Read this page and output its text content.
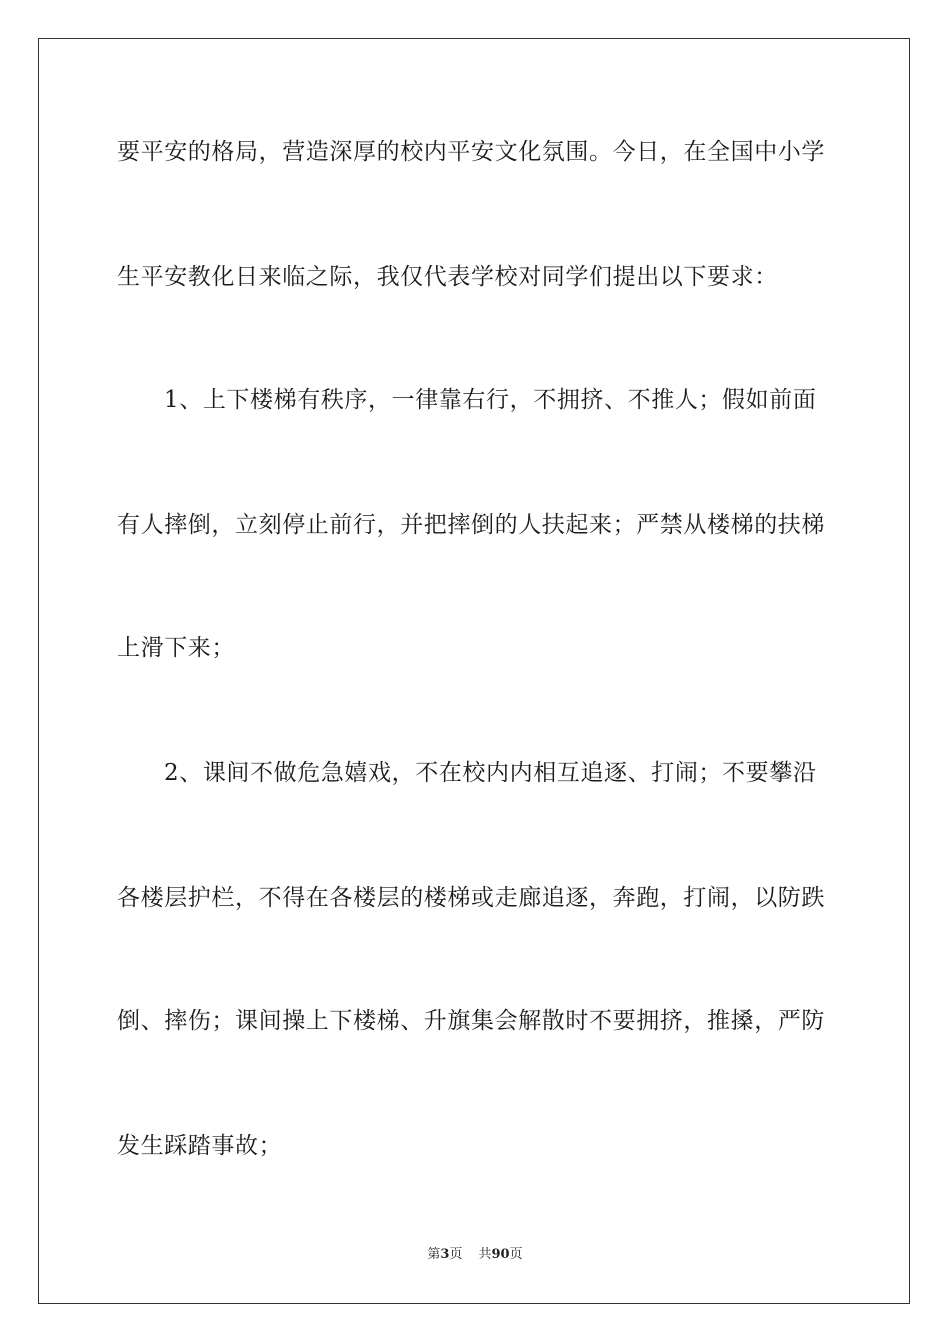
要平安的格局，营造深厚的校内平安文化氛围。今日，在全国中小学
生平安教化日来临之际，我仅代表学校对同学们提出以下要求：
1、上下楼梯有秩序，一律靠右行，不拥挤、不推人；假如前面
有人摔倒，立刻停止前行，并把摔倒的人扶起来；严禁从楼梯的扶梯
上滑下来；
2、课间不做危急嬉戏，不在校内内相互追逐、打闹；不要攀沿
各楼层护栏，不得在各楼层的楼梯或走廊追逐，奔跑，打闹，以防跌
倒、摔伤；课间操上下楼梯、升旗集会解散时不要拥挤，推搡，严防
发生踩踏事故；
第3页 共90页
